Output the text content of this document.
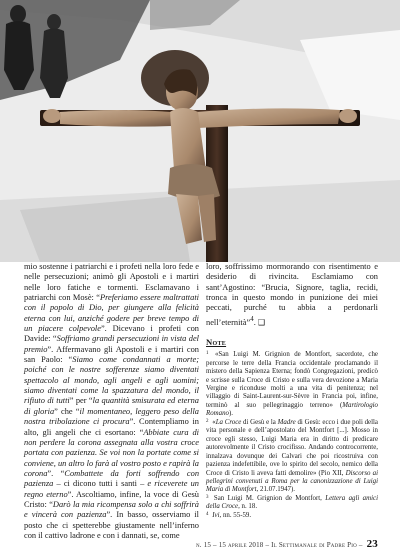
mio sostenne i patriarchi e i profeti nella loro fede e nelle persecuzioni; animò gli Apostoli e i martiri nelle loro fatiche e tormenti. Esclamavano i patriarchi con Mosè: “Preferiamo essere maltrattati con il popolo di Dio, per giungere alla felicità eterna con lui, anziché godere per breve tempo di un piacere colpevole”. Dicevano i profeti con Davide: “Soffriamo grandi persecuzioni in vista del premio”. Affermavano gli Apostoli e i martiri con san Paolo: “Siamo come condannati a morte; poiché con le nostre sofferenze siamo diventati spettacolo al mondo, agli angeli e agli uomini; siamo diventati come la spazzatura del mondo, il rifiuto di tutti” per “la quantità smisurata ed eterna di gloria” che “il momentaneo, leggero peso della nostra tribolazione ci procura”. Contempliamo in alto, gli angeli che ci esortano: “Abbiate cura di non perdere la corona assegnata alla vostra croce portata con pazienza. Se voi non la portate come si conviene, un altro lo farà al vostro posto e rapirà la corona”. “Combattete da forti soffrendo con pazienza – ci dicono tutti i santi – e riceverete un regno eterno”. Ascoltiamo, infine, la voce di Gesù Cristo: “Darò la mia ricompensa solo a chi soffrirà e vincerà con pazienza”. In basso, osserviamo il posto che ci spetterebbe giustamente nell’inferno con il cattivo ladrone e con i dannati, se, come

loro, soffrissimo mormorando con risentimento e desiderio di rivincita. Esclamiamo con sant’Agostino: “Brucia, Signore, taglia, recidi, tronca in questo mondo in punizione dei miei peccati, purché tu abbia a perdonarli nell’eternità”$^4$. ❑

Note

$^1$ «San Luigi M. Grignion de Montfort, sacerdote, che percorse le terre della Francia occidentale proclamando il mistero della Sapienza Eterna; fondò Congregazioni, predicò e scrisse sulla Croce di Cristo e sulla vera devozione a Maria Vergine e riconduse molti a una vita di penitenza; nel villaggio di Saint-Laurent-sur-Sèvre in Francia poi, infine, terminò al suo pellegrinaggio terreno» (Martirologio Romano).

$^2$ «La Croce di Gesù e la Madre di Gesù: ecco i due poli della vita personale e dell’apostolato del Montfort [...]. Mosso in croce egli stesso, Luigi Maria era in diritto di predicare autorevolmente il Cristo crocifisso. Andando controcorrente, innalzava dovunque dei Calvari che poi ricostruiva con pazienza indefettibile, ove lo spirito del secolo, nemico della Croce di Cristo li aveva fatti demolire» (Pio XII, Discorso ai pellegrini convenuti a Roma per la canonizzazione di Luigi Maria di Montfort, 21.07.1947).

$^3$ San Luigi M. Grignion de Montfort, Lettera agli amici della Croce, n. 18.

$^4$ Ivi, nn. 55-59.

n. 15 – 15 aprile 2018 – Il Settimanale di Padre Pio – 23
